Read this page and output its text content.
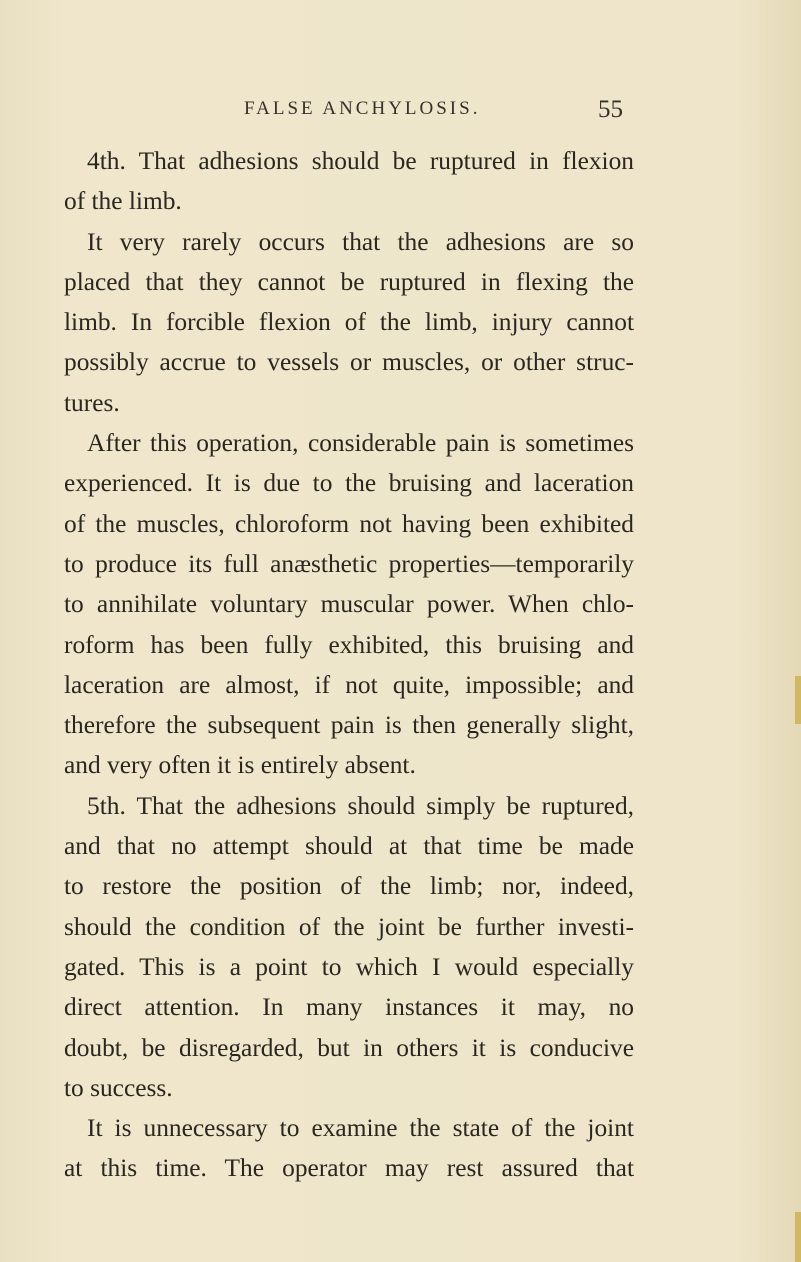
FALSE ANCHYLOSIS.	55
4th. That adhesions should be ruptured in flexion
of the limb.
It very rarely occurs that the adhesions are so
placed that they cannot be ruptured in flexing the
limb. In forcible flexion of the limb, injury cannot
possibly accrue to vessels or muscles, or other struc-
tures.
After this operation, considerable pain is sometimes
experienced. It is due to the bruising and laceration
of the muscles, chloroform not having been exhibited
to produce its full anæsthetic properties—temporarily
to annihilate voluntary muscular power. When chlo-
roform has been fully exhibited, this bruising and
laceration are almost, if not quite, impossible; and
therefore the subsequent pain is then generally slight,
and very often it is entirely absent.
5th. That the adhesions should simply be ruptured,
and that no attempt should at that time be made
to restore the position of the limb; nor, indeed,
should the condition of the joint be further investi-
gated. This is a point to which I would especially
direct attention. In many instances it may, no
doubt, be disregarded, but in others it is conducive
to success.
It is unnecessary to examine the state of the joint
at this time. The operator may rest assured that
